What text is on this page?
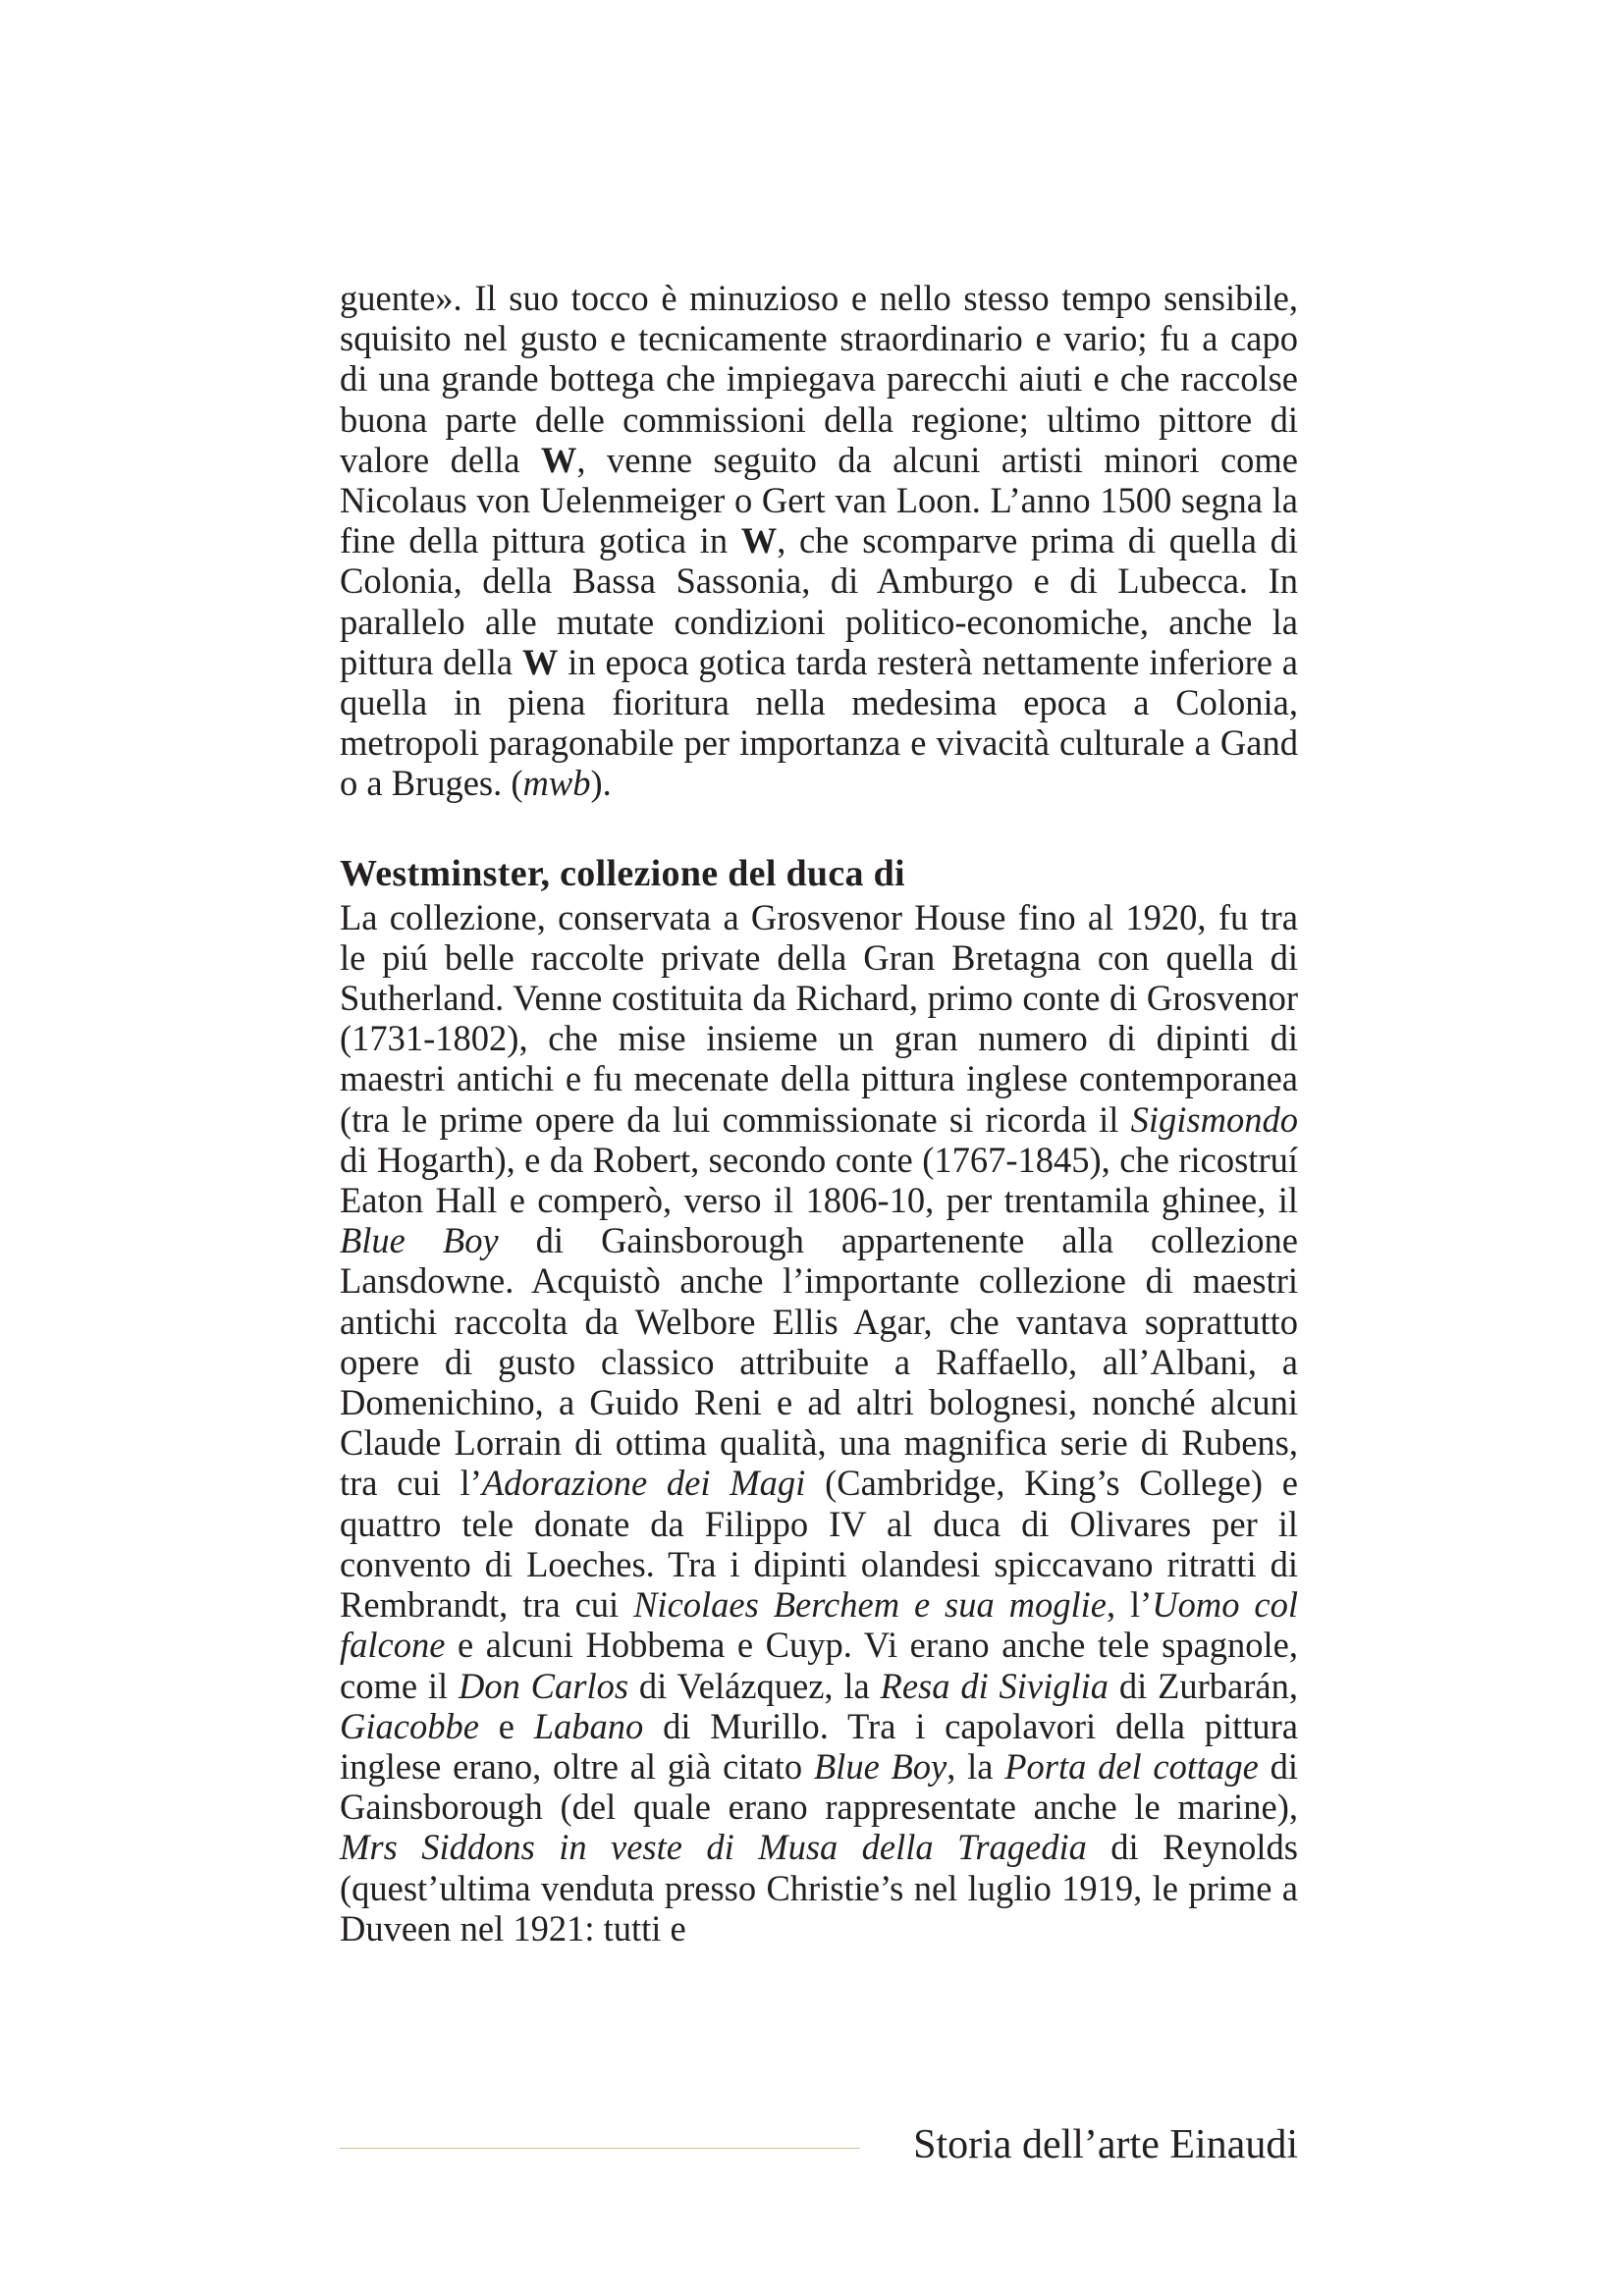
guente». Il suo tocco è minuzioso e nello stesso tempo sensibile, squisito nel gusto e tecnicamente straordinario e vario; fu a capo di una grande bottega che impiegava parecchi aiuti e che raccolse buona parte delle commissioni della regione; ultimo pittore di valore della W, venne seguito da alcuni artisti minori come Nicolaus von Uelenmeiger o Gert van Loon. L’anno 1500 segna la fine della pittura gotica in W, che scomparve prima di quella di Colonia, della Bassa Sassonia, di Amburgo e di Lubecca. In parallelo alle mutate condizioni politico-economiche, anche la pittura della W in epoca gotica tarda resterà nettamente inferiore a quella in piena fioritura nella medesima epoca a Colonia, metropoli paragonabile per importanza e vivacità culturale a Gand o a Bruges. (mwb).

Westminster, collezione del duca di

La collezione, conservata a Grosvenor House fino al 1920, fu tra le piú belle raccolte private della Gran Bretagna con quella di Sutherland. Venne costituita da Richard, primo conte di Grosvenor (1731-1802), che mise insieme un gran numero di dipinti di maestri antichi e fu mecenate della pittura inglese contemporanea (tra le prime opere da lui commissionate si ricorda il Sigismondo di Hogarth), e da Robert, secondo conte (1767-1845), che ricostruí Eaton Hall e comperò, verso il 1806-10, per trentamila ghinee, il Blue Boy di Gainsborough appartenente alla collezione Lansdowne. Acquistò anche l’importante collezione di maestri antichi raccolta da Welbore Ellis Agar, che vantava soprattutto opere di gusto classico attribuite a Raffaello, all’Albani, a Domenichino, a Guido Reni e ad altri bolognesi, nonché alcuni Claude Lorrain di ottima qualità, una magnifica serie di Rubens, tra cui l’Adorazione dei Magi (Cambridge, King’s College) e quattro tele donate da Filippo IV al duca di Olivares per il convento di Loeches. Tra i dipinti olandesi spiccavano ritratti di Rembrandt, tra cui Nicolaes Berchem e sua moglie, l’Uomo col falcone e alcuni Hobbema e Cuyp. Vi erano anche tele spagnole, come il Don Carlos di Velázquez, la Resa di Siviglia di Zurbarán, Giacobbe e Labano di Murillo. Tra i capolavori della pittura inglese erano, oltre al già citato Blue Boy, la Porta del cottage di Gainsborough (del quale erano rappresentate anche le marine), Mrs Siddons in veste di Musa della Tragedia di Reynolds (quest’ultima venduta presso Christie’s nel luglio 1919, le prime a Duveen nel 1921: tutti e

Storia dell’arte Einaudi
